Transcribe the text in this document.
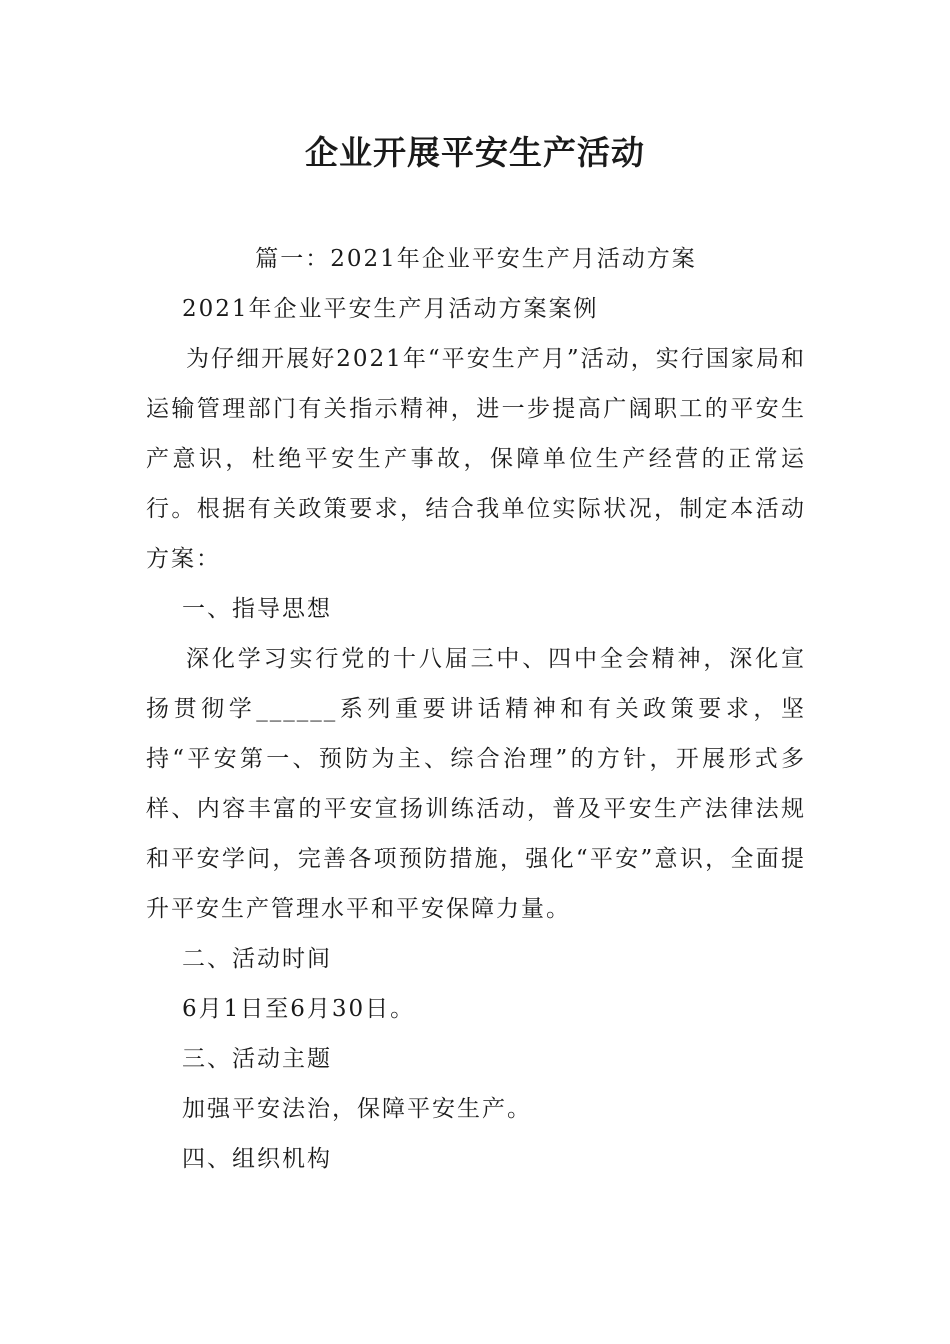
企业开展平安生产活动

篇一：2021年企业平安生产月活动方案

2021年企业平安生产月活动方案案例

为仔细开展好2021年“平安生产月”活动，实行国家局和运输管理部门有关指示精神，进一步提高广阔职工的平安生产意识，杜绝平安生产事故，保障单位生产经营的正常运行。根据有关政策要求，结合我单位实际状况，制定本活动方案：

一、指导思想

深化学习实行党的十八届三中、四中全会精神，深化宣扬贯彻学______系列重要讲话精神和有关政策要求，坚持“平安第一、预防为主、综合治理”的方针，开展形式多样、内容丰富的平安宣扬训练活动，普及平安生产法律法规和平安学问，完善各项预防措施，强化“平安”意识，全面提升平安生产管理水平和平安保障力量。

二、活动时间

6月1日至6月30日。

三、活动主题

加强平安法治，保障平安生产。

四、组织机构
